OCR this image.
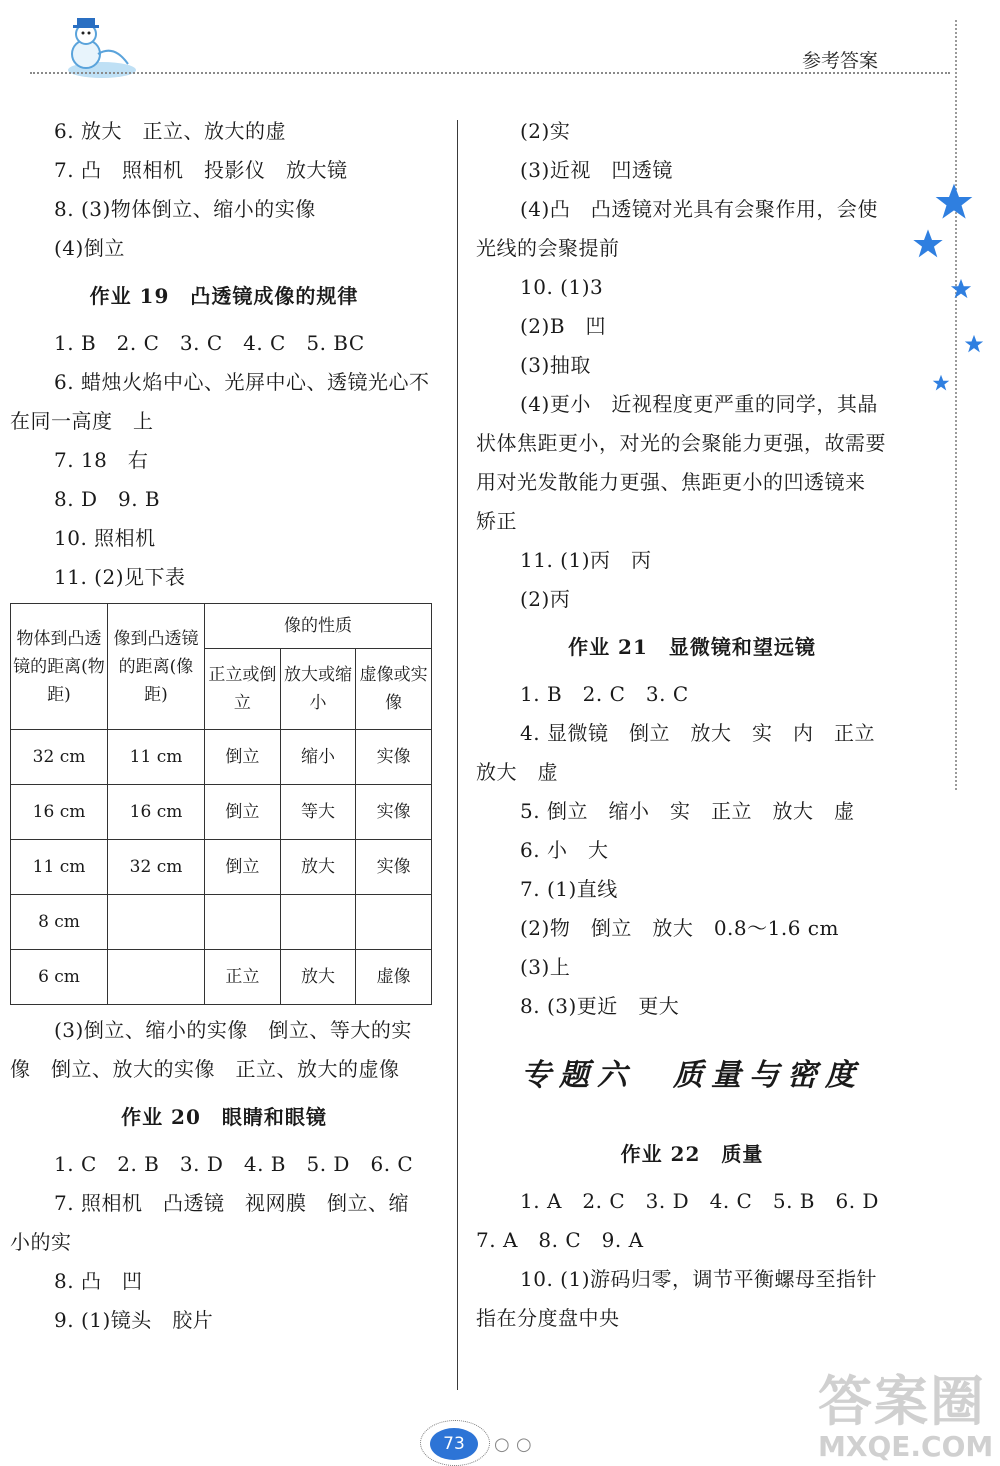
参考答案
6. 放大　正立、放大的虚
7. 凸　照相机　投影仪　放大镜
8. (3)物体倒立、缩小的实像
(4)倒立
作业 19　凸透镜成像的规律
1. B　2. C　3. C　4. C　5. BC
6. 蜡烛火焰中心、光屏中心、透镜光心不
在同一高度　上
7. 18　右
8. D　9. B
10. 照相机
11. (2)见下表
物体到凸透镜的距离(物距)	像到凸透镜的距离(像距)	像的性质		
		正立或倒立	放大或缩小	虚像或实像
32 cm	11 cm	倒立	缩小	实像
16 cm	16 cm	倒立	等大	实像
11 cm	32 cm	倒立	放大	实像
8 cm				
6 cm		正立	放大	虚像
(3)倒立、缩小的实像　倒立、等大的实
像　倒立、放大的实像　正立、放大的虚像
作业 20　眼睛和眼镜
1. C　2. B　3. D　4. B　5. D　6. C
7. 照相机　凸透镜　视网膜　倒立、缩
小的实
8. 凸　凹
9. (1)镜头　胶片
(2)实
(3)近视　凹透镜
(4)凸　凸透镜对光具有会聚作用，会使
光线的会聚提前
10. (1)3
(2)B　凹
(3)抽取
(4)更小　近视程度更严重的同学，其晶
状体焦距更小，对光的会聚能力更强，故需要
用对光发散能力更强、焦距更小的凹透镜来
矫正
11. (1)丙　丙
(2)丙
作业 21　显微镜和望远镜
1. B　2. C　3. C
4. 显微镜　倒立　放大　实　内　正立
放大　虚
5. 倒立　缩小　实　正立　放大　虚
6. 小　大
7. (1)直线
(2)物　倒立　放大　0.8～1.6 cm
(3)上
8. (3)更近　更大
专题六　质量与密度
作业 22　质量
1. A　2. C　3. D　4. C　5. B　6. D
7. A　8. C　9. A
10. (1)游码归零，调节平衡螺母至指针
指在分度盘中央
73	○ ○
答案圈
MXQE.COM
